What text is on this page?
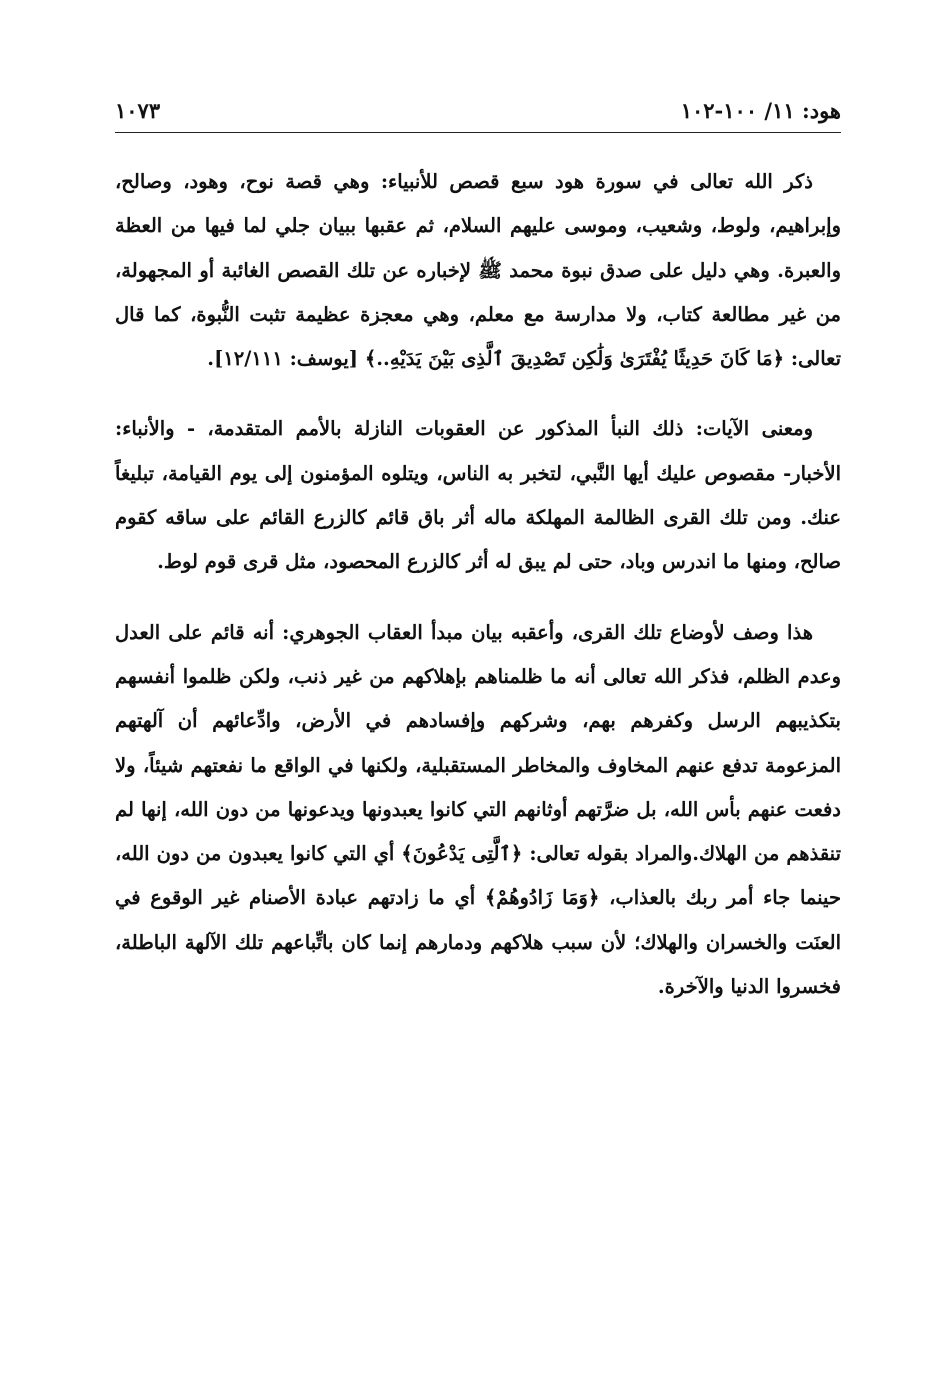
هود: ١١/ ١٠٠-١٠٢
١٠٧٣

ذكر الله تعالى في سورة هود سبع قصص للأنبياء: وهي قصة نوح، وهود، وصالح، وإبراهيم، ولوط، وشعيب، وموسى عليهم السلام، ثم عقبها ببيان جلي لما فيها من العظة والعبرة. وهي دليل على صدق نبوة محمد ﷺ لإخباره عن تلك القصص الغائبة أو المجهولة، من غير مطالعة كتاب، ولا مدارسة مع معلم، وهي معجزة عظيمة تثبت النُّبوة، كما قال تعالى: ﴿مَا كَانَ حَدِيثًا يُفْتَرَىٰ وَلَٰكِن تَصْدِيقَ ٱلَّذِى بَيْنَ يَدَيْهِ..﴾ [يوسف: ١٢/١١١].

ومعنى الآيات: ذلك النبأ المذكور عن العقوبات النازلة بالأمم المتقدمة، - والأنباء: الأخبار- مقصوص عليك أيها النَّبي، لتخبر به الناس، ويتلوه المؤمنون إلى يوم القيامة، تبليغاً عنك. ومن تلك القرى الظالمة المهلكة ماله أثر باق قائم كالزرع القائم على ساقه كقوم صالح، ومنها ما اندرس وباد، حتى لم يبق له أثر كالزرع المحصود، مثل قرى قوم لوط.

هذا وصف لأوضاع تلك القرى، وأعقبه بيان مبدأ العقاب الجوهري: أنه قائم على العدل وعدم الظلم، فذكر الله تعالى أنه ما ظلمناهم بإهلاكهم من غير ذنب، ولكن ظلموا أنفسهم بتكذيبهم الرسل وكفرهم بهم، وشركهم وإفسادهم في الأرض، وادِّعائهم أن آلهتهم المزعومة تدفع عنهم المخاوف والمخاطر المستقبلية، ولكنها في الواقع ما نفعتهم شيئاً، ولا دفعت عنهم بأس الله، بل ضرَّتهم أوثانهم التي كانوا يعبدونها ويدعونها من دون الله، إنها لم تنقذهم من الهلاك.والمراد بقوله تعالى: ﴿ٱلَّتِى يَدْعُونَ﴾ أي التي كانوا يعبدون من دون الله، حينما جاء أمر ربك بالعذاب، ﴿وَمَا زَادُوهُمْ﴾ أي ما زادتهم عبادة الأصنام غير الوقوع في العنَت والخسران والهلاك؛ لأن سبب هلاكهم ودمارهم إنما كان باتِّباعهم تلك الآلهة الباطلة، فخسروا الدنيا والآخرة.
